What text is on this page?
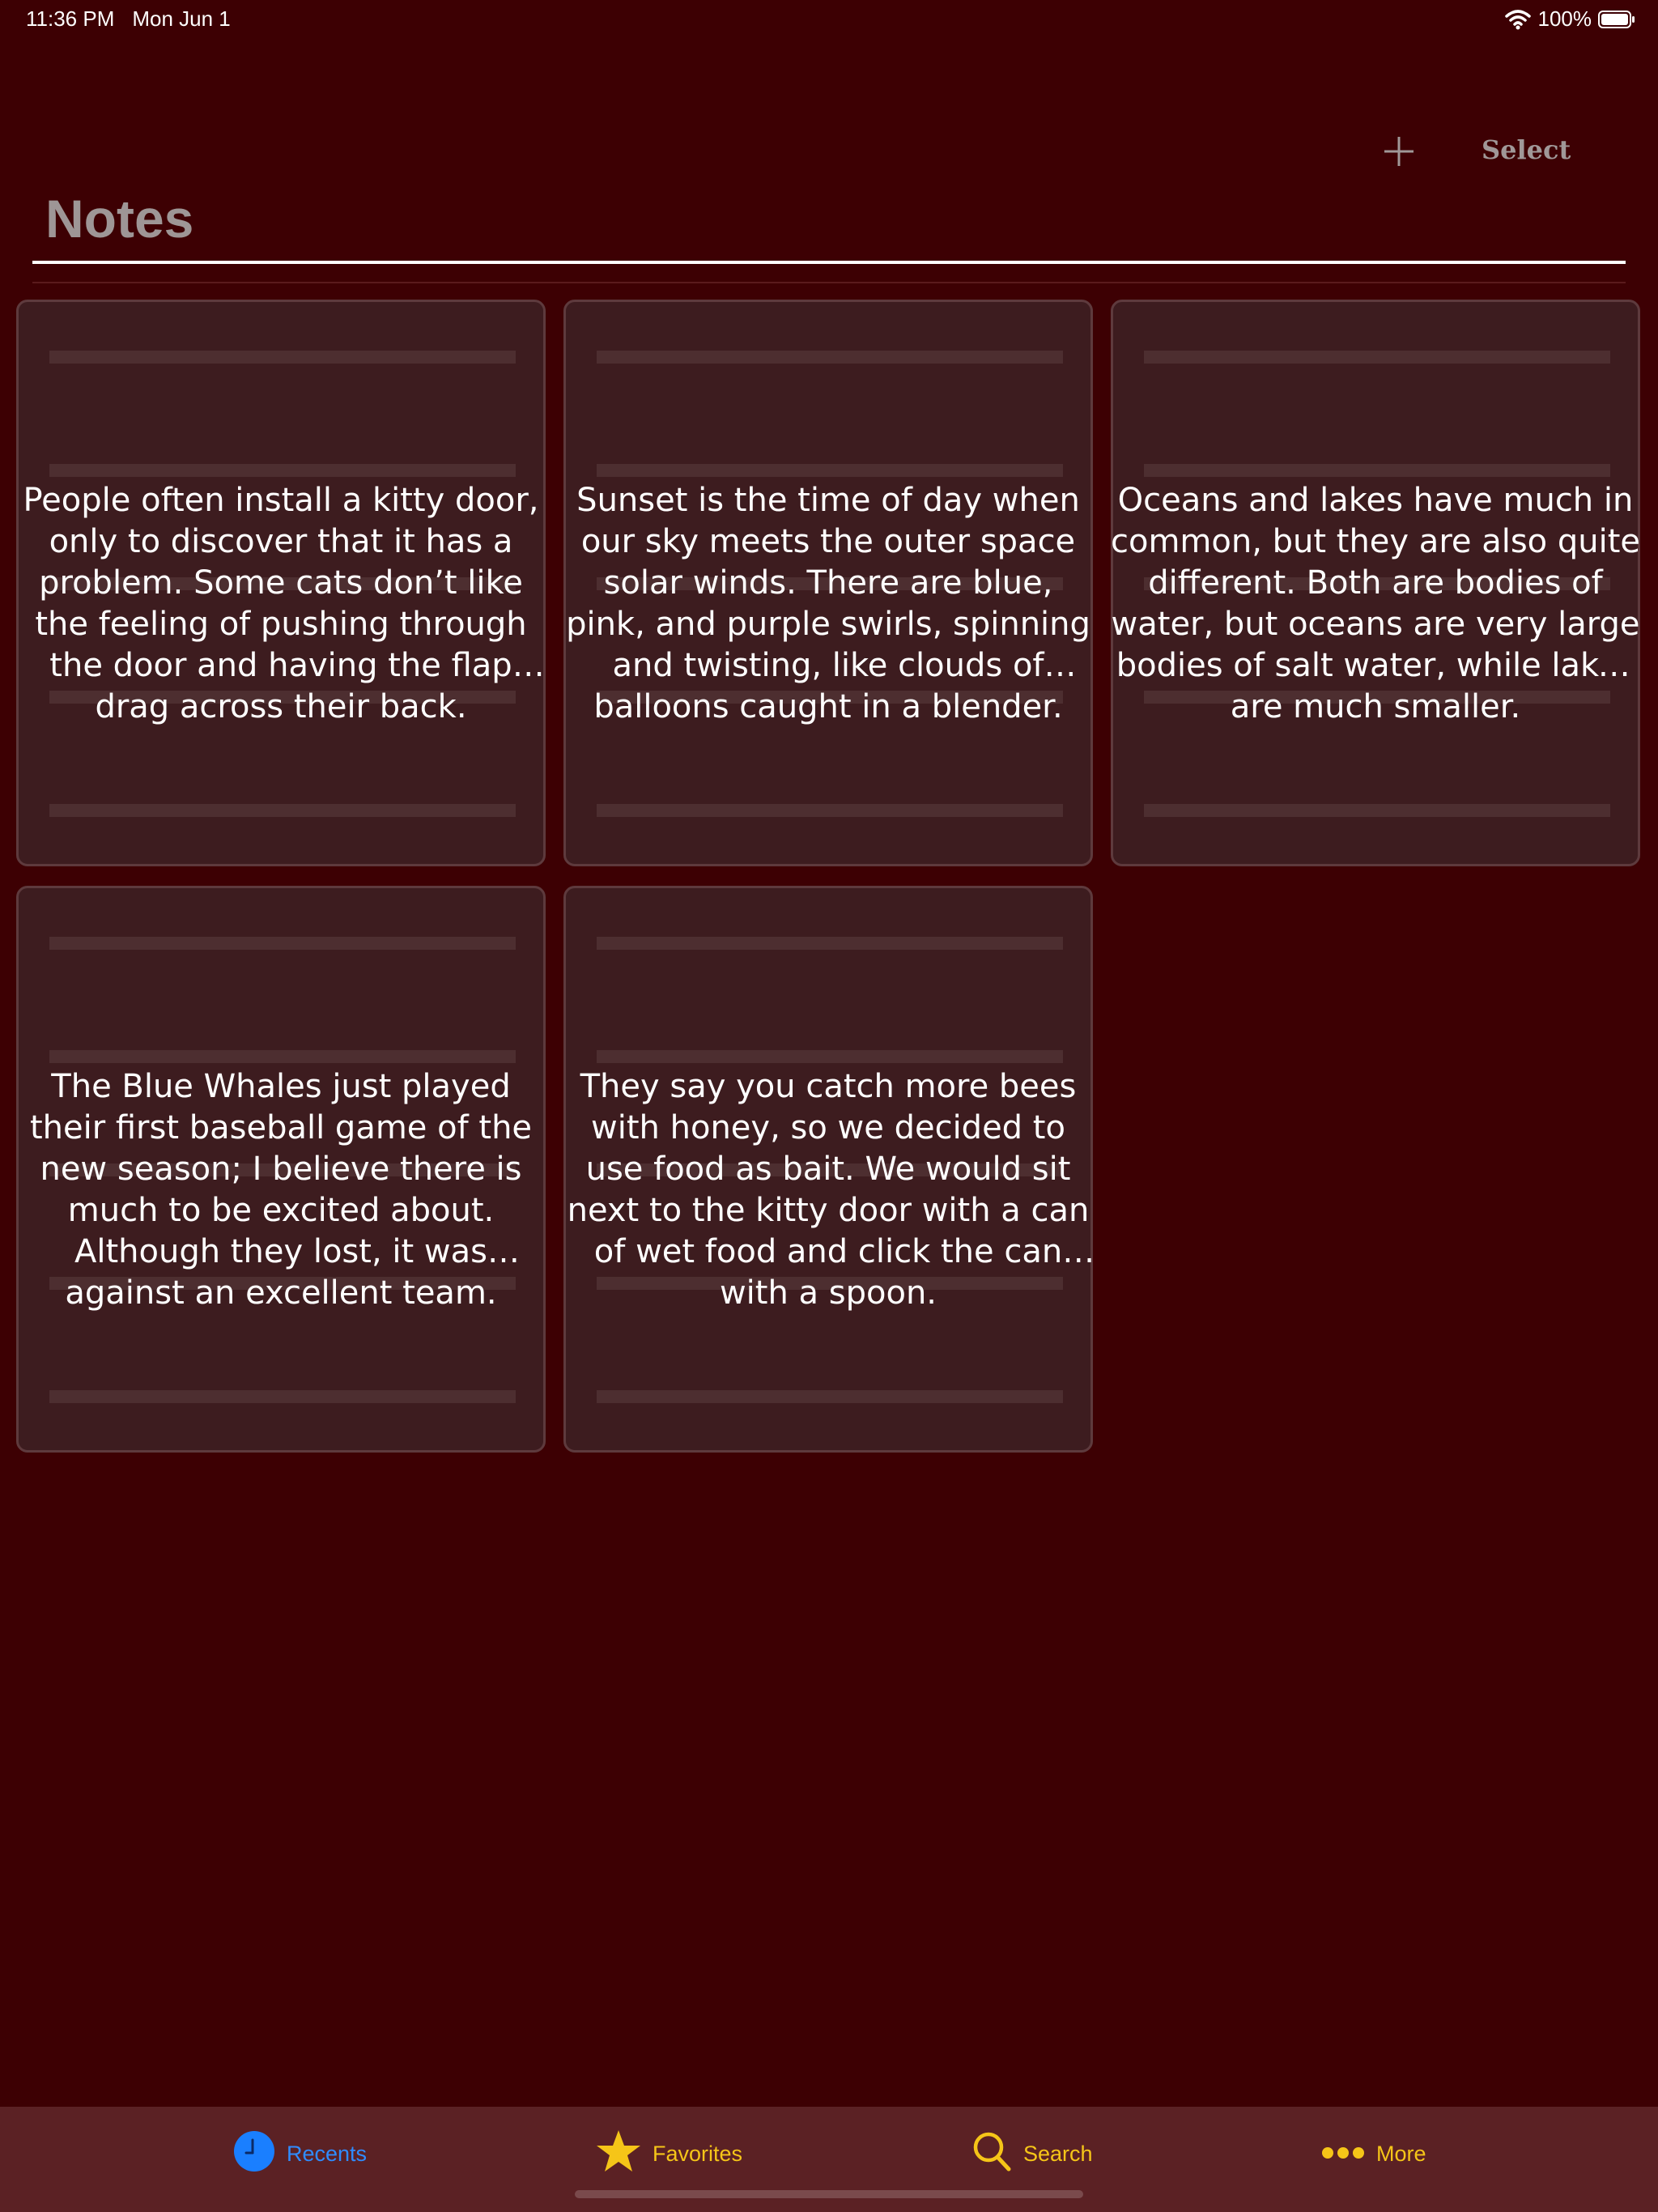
11:36 PM Mon Jun 1	100%
Select
Notes
People often install a kitty door, only to discover that it has a problem. Some cats don’t like the feeling of pushing through the door and having the flap drag across their back.
Sunset is the time of day when our sky meets the outer space solar winds. There are blue, pink, and purple swirls, spinning and twisting, like clouds of balloons caught in a blender.
Oceans and lakes have much in common, but they are also quite different. Both are bodies of water, but oceans are very large bodies of salt water, while lakes are much smaller.
The Blue Whales just played their first baseball game of the new season; I believe there is much to be excited about. Although they lost, it was against an excellent team.
They say you catch more bees with honey, so we decided to use food as bait. We would sit next to the kitty door with a can of wet food and click the can with a spoon.
Recents	Favorites	Search	More
